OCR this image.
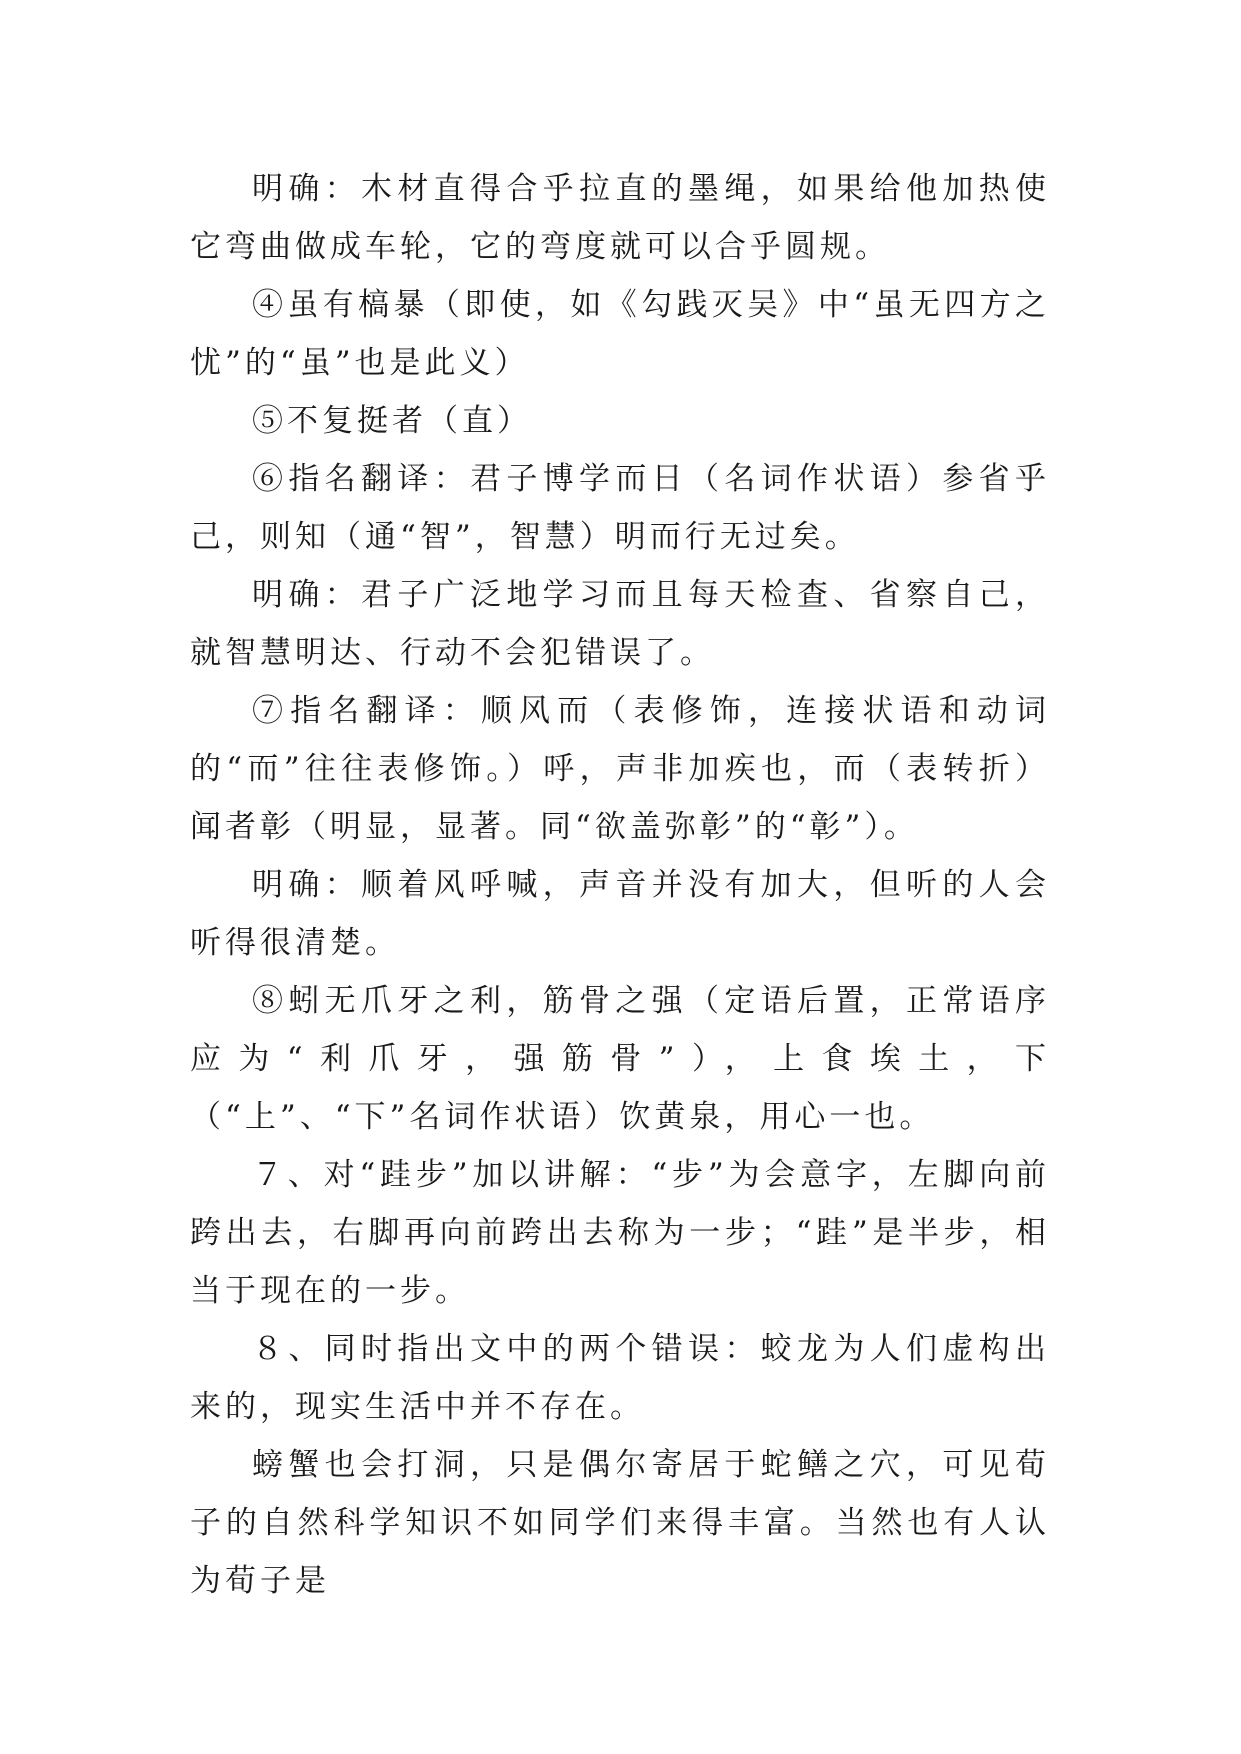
明确：木材直得合乎拉直的墨绳，如果给他加热使它弯曲做成车轮，它的弯度就可以合乎圆规。

④虽有槁暴（即使，如《勾践灭吴》中“虽无四方之忧”的“虽”也是此义）

⑤不复挺者（直）

⑥指名翻译：君子博学而日（名词作状语）参省乎己，则知（通“智”，智慧）明而行无过矣。

明确：君子广泛地学习而且每天检查、省察自己，就智慧明达、行动不会犯错误了。

⑦指名翻译：顺风而（表修饰，连接状语和动词的“而”往往表修饰。）呼，声非加疾也，而（表转折）闻者彰（明显，显著。同“欲盖弥彰”的“彰”）。

明确：顺着风呼喊，声音并没有加大，但听的人会听得很清楚。

⑧蚓无爪牙之利，筋骨之强（定语后置，正常语序应为“利爪牙，强筋骨”），上食埃土，下（“上”、“下”名词作状语）饮黄泉，用心一也。

７、对“跬步”加以讲解：“步”为会意字，左脚向前跨出去，右脚再向前跨出去称为一步；“跬”是半步，相当于现在的一步。

８、同时指出文中的两个错误：蛟龙为人们虚构出来的，现实生活中并不存在。

螃蟹也会打洞，只是偶尔寄居于蛇鳝之穴，可见荀子的自然科学知识不如同学们来得丰富。当然也有人认为荀子是
